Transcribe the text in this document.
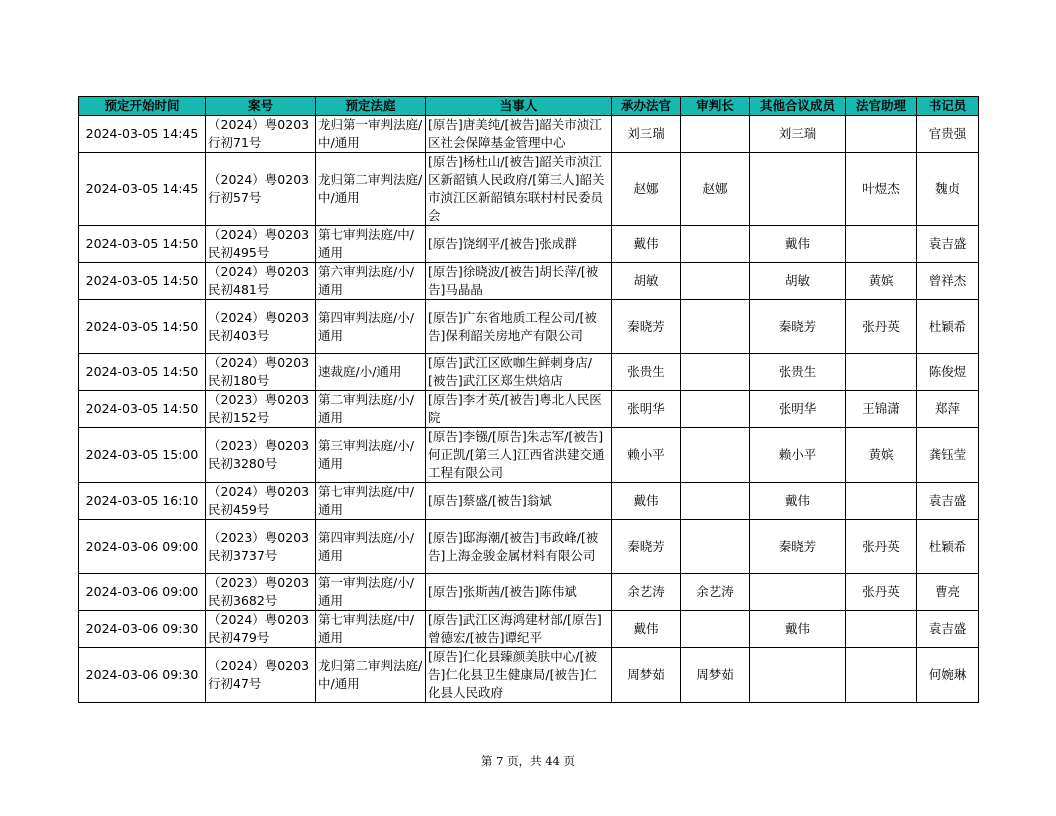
预定开始时间	案号	预定法庭	当事人	承办法官	审判长	其他合议成员	法官助理	书记员
2024-03-05 14:45	（2024）粤0203行初71号	龙归第一审判法庭/中/通用	[原告]唐美纯/[被告]韶关市浈江区社会保障基金管理中心	刘三瑞		刘三瑞		官贵强
2024-03-05 14:45	（2024）粤0203行初57号	龙归第二审判法庭/中/通用	[原告]杨杜山/[被告]韶关市浈江区新韶镇人民政府/[第三人]韶关市浈江区新韶镇东联村村民委员会	赵娜	赵娜		叶煜杰	魏贞
2024-03-05 14:50	（2024）粤0203民初495号	第七审判法庭/中/通用	[原告]饶纲平/[被告]张成群	戴伟		戴伟		袁吉盛
2024-03-05 14:50	（2024）粤0203民初481号	第六审判法庭/小/通用	[原告]徐晓波/[被告]胡长萍/[被告]马晶晶	胡敏		胡敏	黄嫔	曾祥杰
2024-03-05 14:50	（2024）粤0203民初403号	第四审判法庭/小/通用	[原告]广东省地质工程公司/[被告]保利韶关房地产有限公司	秦晓芳		秦晓芳	张丹英	杜颖希
2024-03-05 14:50	（2024）粤0203民初180号	速裁庭/小/通用	[原告]武江区欧咖生鲜刺身店/[被告]武江区郑生烘焙店	张贵生		张贵生		陈俊煜
2024-03-05 14:50	（2023）粤0203民初152号	第二审判法庭/小/通用	[原告]李才英/[被告]粤北人民医院	张明华		张明华	王锦潇	郑萍
2024-03-05 15:00	（2023）粤0203民初3280号	第三审判法庭/小/通用	[原告]李镪/[原告]朱志军/[被告]何正凯/[第三人]江西省洪建交通工程有限公司	赖小平		赖小平	黄嫔	龚钰莹
2024-03-05 16:10	（2024）粤0203民初459号	第七审判法庭/中/通用	[原告]蔡盛/[被告]翁斌	戴伟		戴伟		袁吉盛
2024-03-06 09:00	（2023）粤0203民初3737号	第四审判法庭/小/通用	[原告]邸海潮/[被告]韦政峰/[被告]上海金骏金属材料有限公司	秦晓芳		秦晓芳	张丹英	杜颖希
2024-03-06 09:00	（2023）粤0203民初3682号	第一审判法庭/小/通用	[原告]张斯茜/[被告]陈伟斌	余艺涛	余艺涛		张丹英	曹亮
2024-03-06 09:30	（2024）粤0203民初479号	第七审判法庭/中/通用	[原告]武江区海鸿建材部/[原告]曾德宏/[被告]谭纪平	戴伟		戴伟		袁吉盛
2024-03-06 09:30	（2024）粤0203行初47号	龙归第二审判法庭/中/通用	[原告]仁化县臻颜美肤中心/[被告]仁化县卫生健康局/[被告]仁化县人民政府	周梦茹	周梦茹			何婉琳
第 7 页，共 44 页
